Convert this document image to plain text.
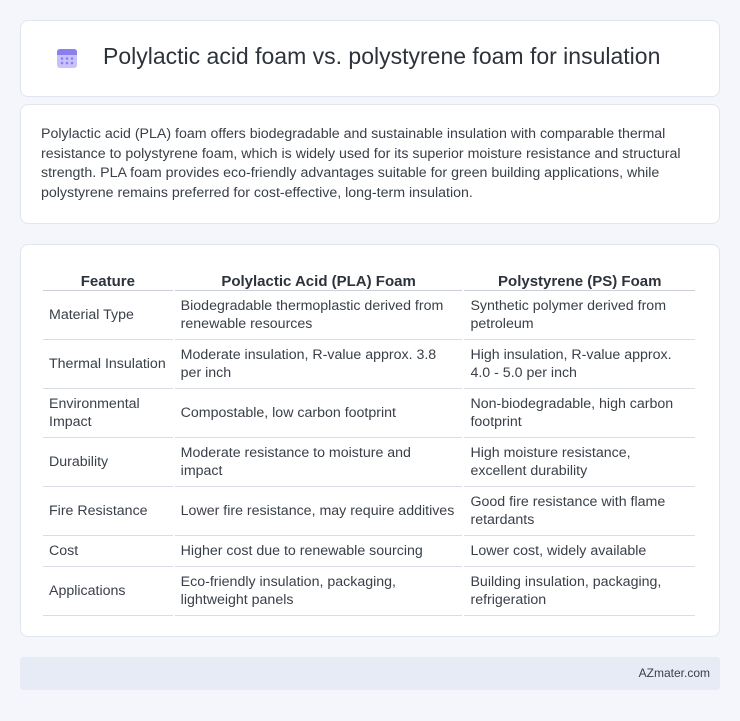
Polylactic acid foam vs. polystyrene foam for insulation

Polylactic acid (PLA) foam offers biodegradable and sustainable insulation with comparable thermal resistance to polystyrene foam, which is widely used for its superior moisture resistance and structural strength. PLA foam provides eco-friendly advantages suitable for green building applications, while polystyrene remains preferred for cost-effective, long-term insulation.

Feature	Polylactic Acid (PLA) Foam	Polystyrene (PS) Foam
Material Type	Biodegradable thermoplastic derived from renewable resources	Synthetic polymer derived from petroleum
Thermal Insulation	Moderate insulation, R-value approx. 3.8 per inch	High insulation, R-value approx. 4.0 - 5.0 per inch
Environmental Impact	Compostable, low carbon footprint	Non-biodegradable, high carbon footprint
Durability	Moderate resistance to moisture and impact	High moisture resistance, excellent durability
Fire Resistance	Lower fire resistance, may require additives	Good fire resistance with flame retardants
Cost	Higher cost due to renewable sourcing	Lower cost, widely available
Applications	Eco-friendly insulation, packaging, lightweight panels	Building insulation, packaging, refrigeration
AZmater.com
